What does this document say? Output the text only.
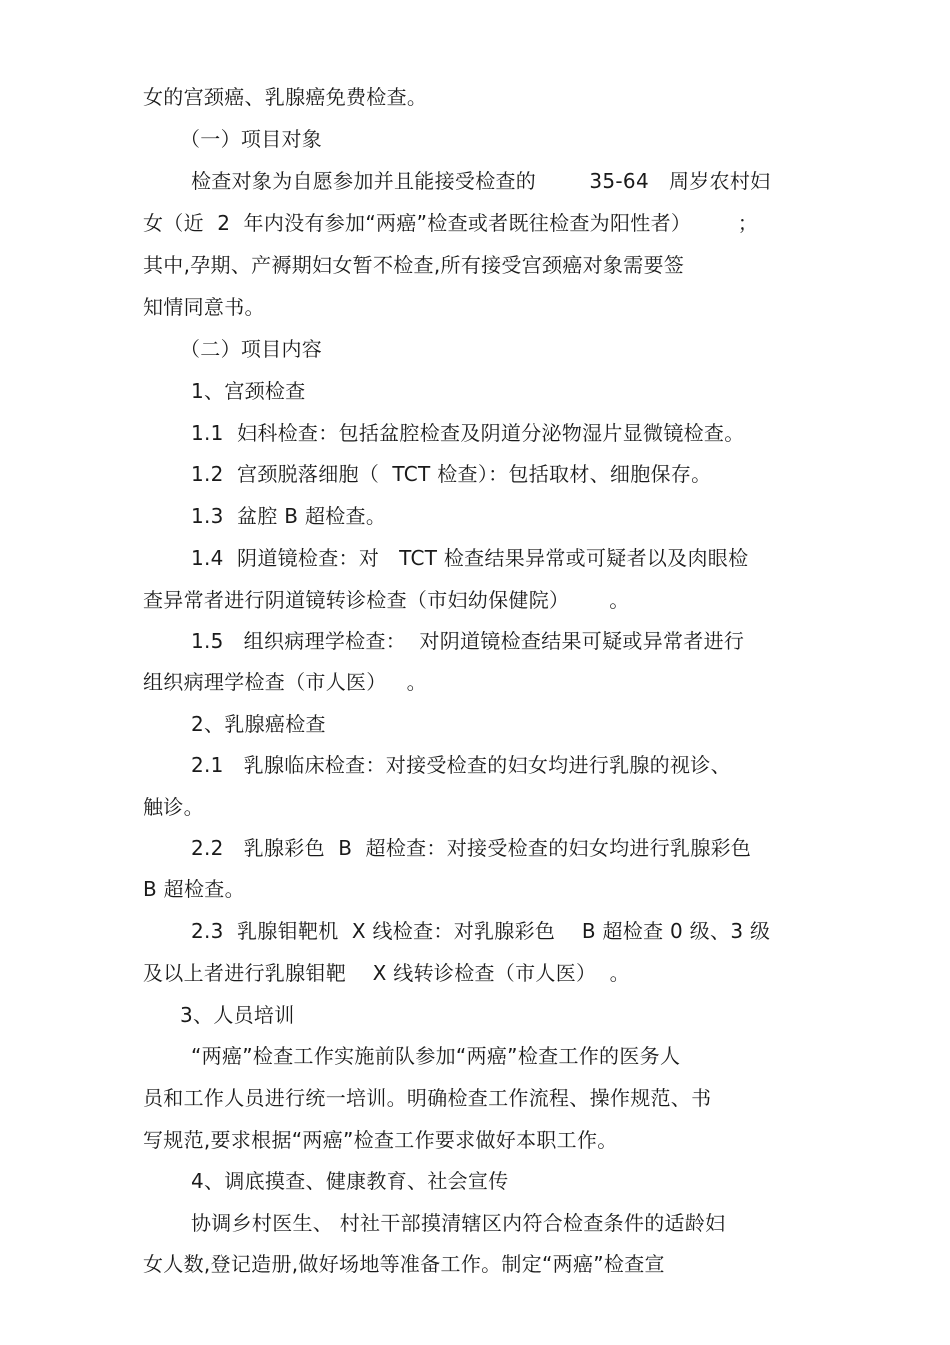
女的宫颈癌、乳腺癌免费检查。
（一）项目对象
检查对象为自愿参加并且能接受检查的        35-64   周岁农村妇
女（近  2  年内没有参加“两癌”检查或者既往检查为阳性者）       ；
其中,孕期、产褥期妇女暂不检查,所有接受宫颈癌对象需要签
知情同意书。
（二）项目内容
1、宫颈检查
1.1  妇科检查：包括盆腔检查及阴道分泌物湿片显微镜检查。
1.2  宫颈脱落细胞（  TCT 检查）：包括取材、细胞保存。
1.3  盆腔 B 超检查。
1.4  阴道镜检查：对   TCT 检查结果异常或可疑者以及肉眼检
查异常者进行阴道镜转诊检查（市妇幼保健院）      。
1.5   组织病理学检查：  对阴道镜检查结果可疑或异常者进行
组织病理学检查（市人医）   。
2、乳腺癌检查
2.1   乳腺临床检查：对接受检查的妇女均进行乳腺的视诊、
触诊。
2.2   乳腺彩色  B  超检查：对接受检查的妇女均进行乳腺彩色
B 超检查。
2.3  乳腺钼靶机  X 线检查：对乳腺彩色    B 超检查 0 级、3 级
及以上者进行乳腺钼靶    X 线转诊检查（市人医）  。
3、人员培训
“两癌”检查工作实施前队参加“两癌”检查工作的医务人
员和工作人员进行统一培训。明确检查工作流程、操作规范、书
写规范,要求根据“两癌”检查工作要求做好本职工作。
4、调底摸查、健康教育、社会宣传
协调乡村医生、 村社干部摸清辖区内符合检查条件的适龄妇
女人数,登记造册,做好场地等准备工作。制定“两癌”检查宣
